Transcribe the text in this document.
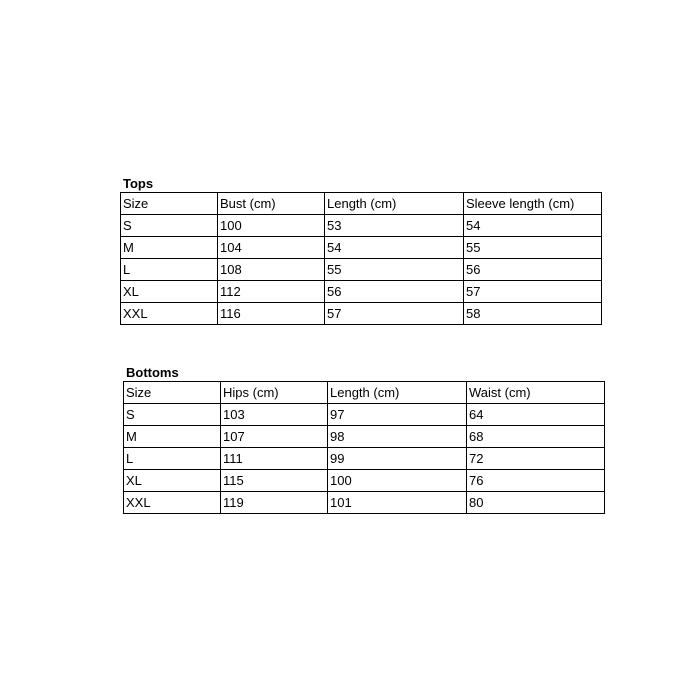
Tops
Size	Bust (cm)	Length (cm)	Sleeve length (cm)
S	100	53	54
M	104	54	55
L	108	55	56
XL	112	56	57
XXL	116	57	58
Bottoms
Size	Hips (cm)	Length (cm)	Waist (cm)
S	103	97	64
M	107	98	68
L	111	99	72
XL	115	100	76
XXL	119	101	80
